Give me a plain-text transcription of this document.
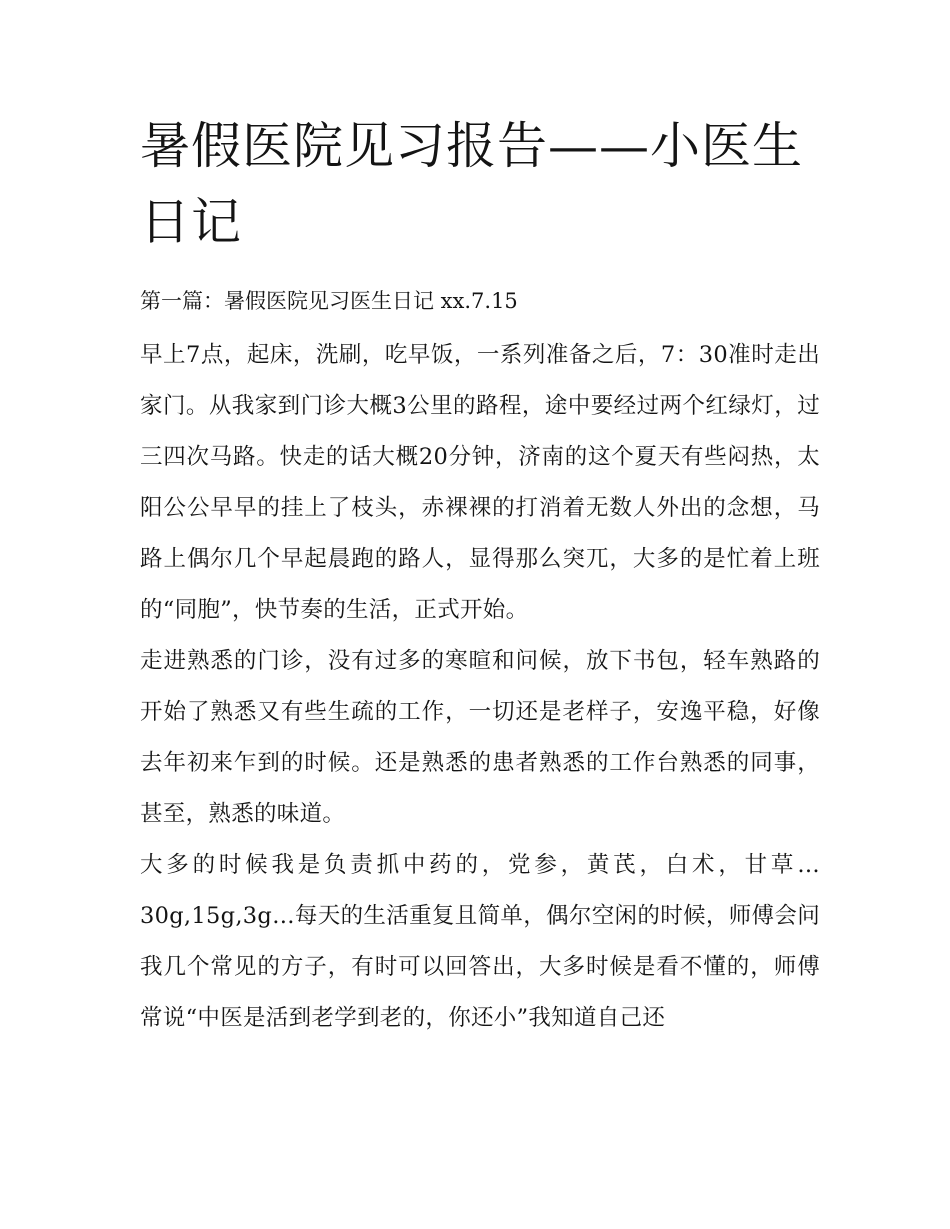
暑假医院见习报告——小医生日记

第一篇：暑假医院见习医生日记 xx.7.15

早上7点，起床，洗刷，吃早饭，一系列准备之后，7：30准时走出家门。从我家到门诊大概3公里的路程，途中要经过两个红绿灯，过三四次马路。快走的话大概20分钟，济南的这个夏天有些闷热，太阳公公早早的挂上了枝头，赤裸裸的打消着无数人外出的念想，马路上偶尔几个早起晨跑的路人，显得那么突兀，大多的是忙着上班的“同胞”，快节奏的生活，正式开始。

走进熟悉的门诊，没有过多的寒暄和问候，放下书包，轻车熟路的开始了熟悉又有些生疏的工作，一切还是老样子，安逸平稳，好像去年初来乍到的时候。还是熟悉的患者熟悉的工作台熟悉的同事，甚至，熟悉的味道。

大多的时候我是负责抓中药的，党参，黄芪，白术，甘草…30g,15g,3g…每天的生活重复且简单，偶尔空闲的时候，师傅会问我几个常见的方子，有时可以回答出，大多时候是看不懂的，师傅常说“中医是活到老学到老的，你还小”我知道自己还
